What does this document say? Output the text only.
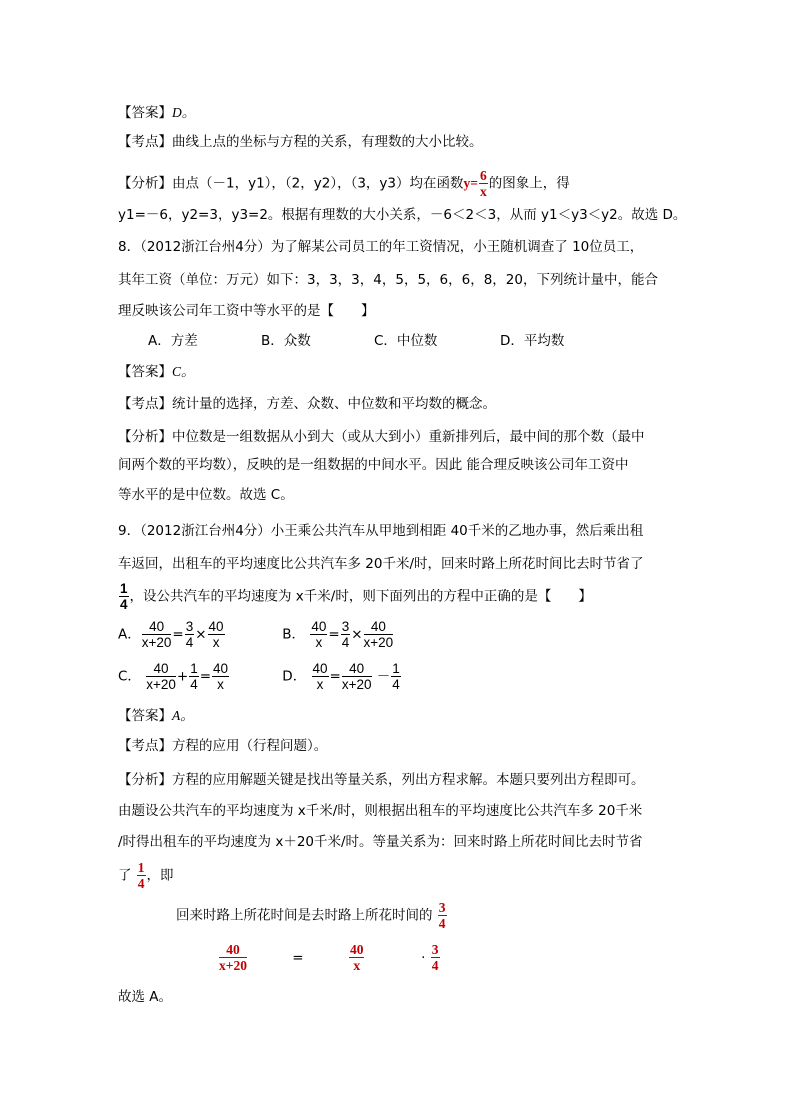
【答案】D。
【考点】曲线上点的坐标与方程的关系，有理数的大小比较。
【分析】由点（－1，y1），（2，y2），（3，y3）均在函数$y= \frac{6}{x}$ 的图象上，得
y1=－6，y2=3，y3=2。根据有理数的大小关系，－6＜2＜3，从而 y1＜y3＜y2。故选 D。
8．（2012浙江台州4分）为了解某公司员工的年工资情况，小王随机调查了 10位员工，
其年工资（单位：万元）如下：3，3，3，4，5，5，6，6，8，20，下列统计量中，能合
理反映该公司年工资中等水平的是【　　】
A．方差	B．众数	C．中位数	D．平均数
【答案】C。
【考点】统计量的选择，方差、众数、中位数和平均数的概念。
【分析】中位数是一组数据从小到大（或从大到小）重新排列后，最中间的那个数（最中
间两个数的平均数），反映的是一组数据的中间水平。因此 能合理反映该公司年工资中
等水平的是中位数。故选 C。
9．（2012浙江台州4分）小王乘公共汽车从甲地到相距 40千米的乙地办事，然后乘出租
车返回，出租车的平均速度比公共汽车多 20千米/时，回来时路上所花时间比去时节省了
$\frac{1}{4}$ ，设公共汽车的平均速度为 x千米/时，则下面列出的方程中正确的是【　　】
A． $\frac{40}{x+20} = \frac{3}{4} \times \frac{40}{x}$	B． $\frac{40}{x} = \frac{3}{4} \times \frac{40}{x+20}$
C． $\frac{40}{x+20} + \frac{1}{4} = \frac{40}{x}$	D． $\frac{40}{x} = \frac{40}{x+20} - \frac{1}{4}$
【答案】A。
【考点】方程的应用（行程问题）。
【分析】方程的应用解题关键是找出等量关系，列出方程求解。本题只要列出方程即可。
由题设公共汽车的平均速度为 x千米/时，则根据出租车的平均速度比公共汽车多 20千米
/时得出租车的平均速度为 x＋20千米/时。等量关系为：回来时路上所花时间比去时节省
了 $\frac{1}{4}$ ，即
回来时路上所花时间是去时路上所花时间的 $\frac{3}{4}$
$\frac{40}{x+20}$	=	$\frac{40}{x}$	· $\frac{3}{4}$
故选 A。
